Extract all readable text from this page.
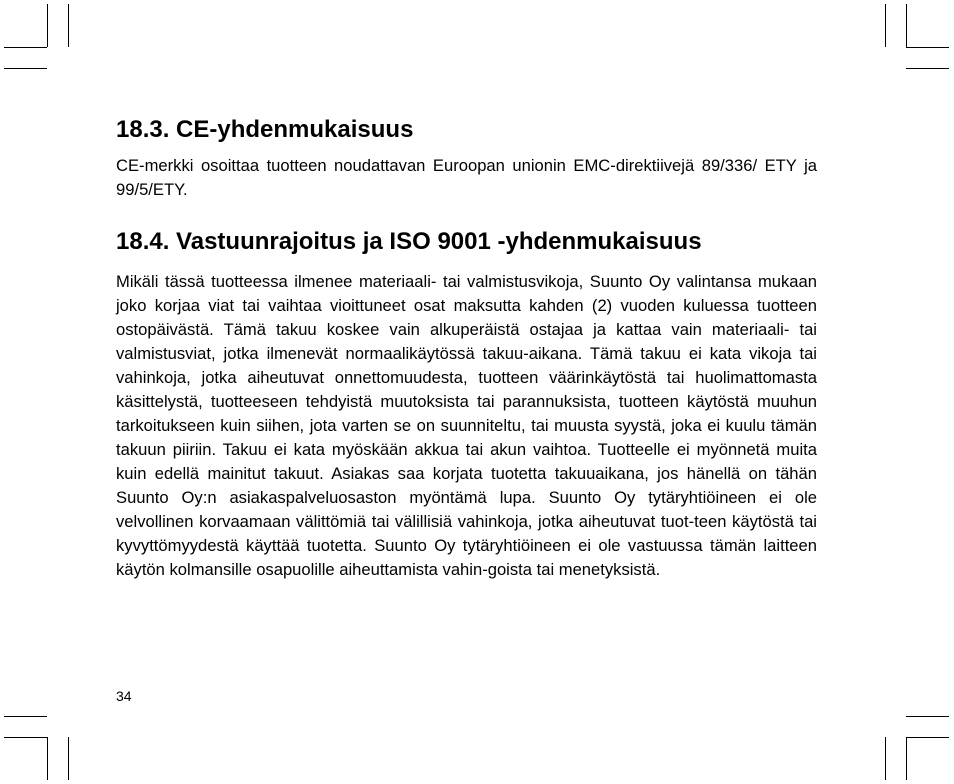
18.3. CE-yhdenmukaisuus

CE-merkki osoittaa tuotteen noudattavan Euroopan unionin EMC-direktiivejä 89/336/ ETY ja 99/5/ETY.

18.4. Vastuunrajoitus ja ISO 9001 -yhdenmukaisuus

Mikäli tässä tuotteessa ilmenee materiaali- tai valmistusvikoja, Suunto Oy valintansa mukaan joko korjaa viat tai vaihtaa vioittuneet osat maksutta kahden (2) vuoden kuluessa tuotteen ostopäivästä. Tämä takuu koskee vain alkuperäistä ostajaa ja kattaa vain materiaali- tai valmistusviat, jotka ilmenevät normaalikäytössä takuu-aikana. Tämä takuu ei kata vikoja tai vahinkoja, jotka aiheutuvat onnettomuudesta, tuotteen väärinkäytöstä tai huolimattomasta käsittelystä, tuotteeseen tehdyistä muutoksista tai parannuksista, tuotteen käytöstä muuhun tarkoitukseen kuin siihen, jota varten se on suunniteltu, tai muusta syystä, joka ei kuulu tämän takuun piiriin. Takuu ei kata myöskään akkua tai akun vaihtoa. Tuotteelle ei myönnetä muita kuin edellä mainitut takuut. Asiakas saa korjata tuotetta takuuaikana, jos hänellä on tähän Suunto Oy:n asiakaspalveluosaston myöntämä lupa. Suunto Oy tytäryhtiöineen ei ole velvollinen korvaamaan välittömiä tai välillisiä vahinkoja, jotka aiheutuvat tuot-teen käytöstä tai kyvyttömyydestä käyttää tuotetta. Suunto Oy tytäryhtiöineen ei ole vastuussa tämän laitteen käytön kolmansille osapuolille aiheuttamista vahin-goista tai menetyksistä.

34
